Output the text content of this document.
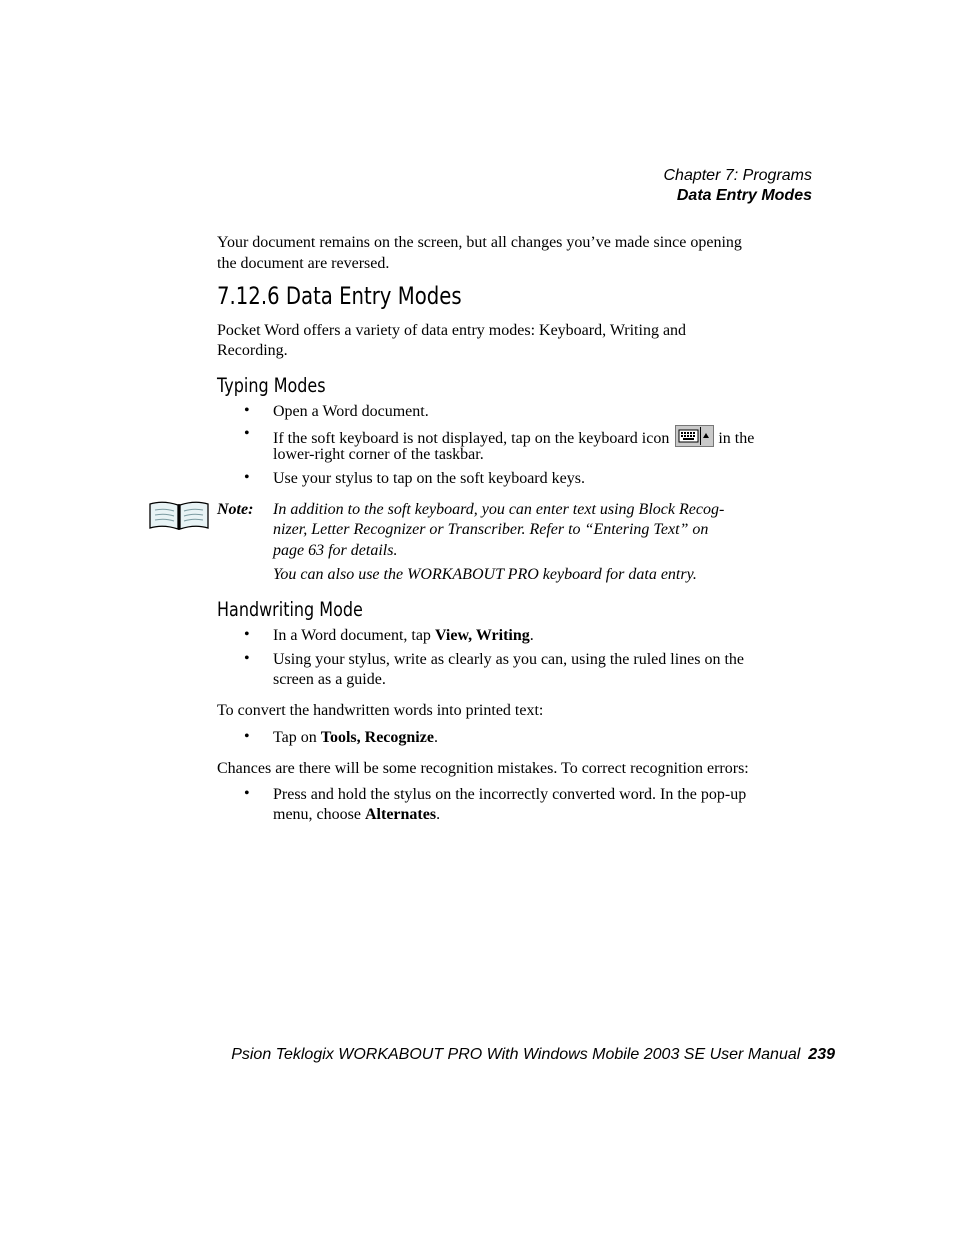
Chapter 7: Programs
Data Entry Modes
Your document remains on the screen, but all changes you’ve made since opening
the document are reversed.
7.12.6 Data Entry Modes
Pocket Word offers a variety of data entry modes: Keyboard, Writing and
Recording.
Typing Modes
• Open a Word document.
• If the soft keyboard is not displayed, tap on the keyboard icon	in the
lower-right corner of the taskbar.
• Use your stylus to tap on the soft keyboard keys.
Note: In addition to the soft keyboard, you can enter text using Block Recog-
nizer, Letter Recognizer or Transcriber. Refer to “Entering Text” on
page 63 for details.
You can also use the WORKABOUT PRO keyboard for data entry.
Handwriting Mode
• In a Word document, tap View, Writing.
• Using your stylus, write as clearly as you can, using the ruled lines on the
screen as a guide.
To convert the handwritten words into printed text:
• Tap on Tools, Recognize.
Chances are there will be some recognition mistakes. To correct recognition errors:
• Press and hold the stylus on the incorrectly converted word. In the pop-up
menu, choose Alternates.
Psion Teklogix WORKABOUT PRO With Windows Mobile 2003 SE User Manual 239
